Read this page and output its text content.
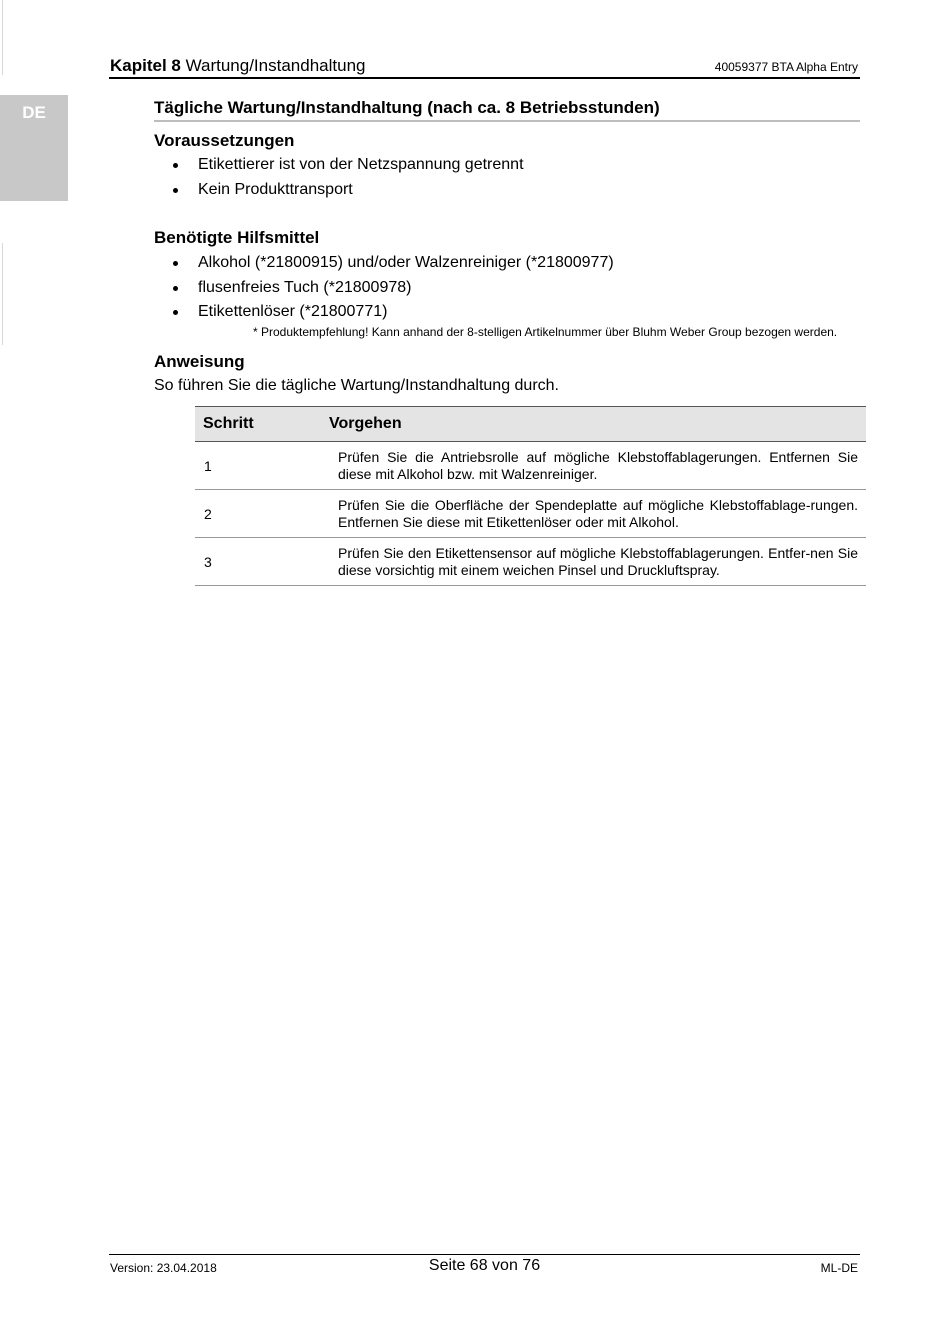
DE
Kapitel 8 Wartung/Instandhaltung	40059377 BTA Alpha Entry
Tägliche Wartung/Instandhaltung (nach ca. 8 Betriebsstunden)
Voraussetzungen
Etikettierer ist von der Netzspannung getrennt
Kein Produkttransport
Benötigte Hilfsmittel
Alkohol (*21800915) und/oder Walzenreiniger (*21800977)
flusenfreies Tuch (*21800978)
Etikettenlöser (*21800771)
* Produktempfehlung! Kann anhand der 8-stelligen Artikelnummer über Bluhm Weber Group bezogen werden.
Anweisung
So führen Sie die tägliche Wartung/Instandhaltung durch.
Schritt	Vorgehen
1	Prüfen Sie die Antriebsrolle auf mögliche Klebstoffablagerungen. Entfernen Sie diese mit Alkohol bzw. mit Walzenreiniger.
2	Prüfen Sie die Oberfläche der Spendeplatte auf mögliche Klebstoffablage-rungen. Entfernen Sie diese mit Etikettenlöser oder mit Alkohol.
3	Prüfen Sie den Etikettensensor auf mögliche Klebstoffablagerungen. Entfer-nen Sie diese vorsichtig mit einem weichen Pinsel und Druckluftspray.
Version: 23.04.2018	Seite 68 von 76	ML-DE
